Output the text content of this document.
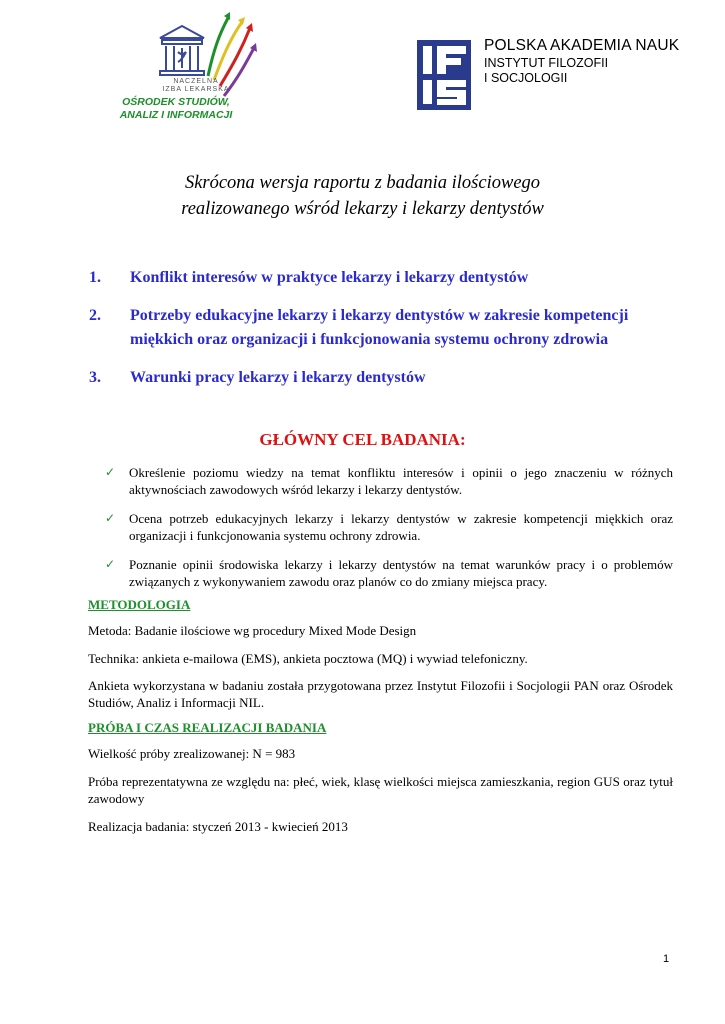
NACZELNA
IZBA LEKARSKA
OŚRODEK STUDIÓW,
ANALIZ I INFORMACJI
POLSKA AKADEMIA NAUK
INSTYTUT FILOZOFII
I SOCJOLOGII
Skrócona wersja raportu z badania ilościowego
realizowanego wśród lekarzy i lekarzy dentystów
1. Konflikt interesów w praktyce lekarzy i lekarzy dentystów
2. Potrzeby edukacyjne lekarzy i lekarzy dentystów w zakresie kompetencji miękkich oraz organizacji i funkcjonowania systemu ochrony zdrowia
3. Warunki pracy lekarzy i lekarzy dentystów
GŁÓWNY CEL BADANIA:
✓ Określenie poziomu wiedzy na temat konfliktu interesów i opinii o jego znaczeniu w różnych aktywnościach zawodowych wśród lekarzy i lekarzy dentystów.
✓ Ocena potrzeb edukacyjnych lekarzy i lekarzy dentystów w zakresie kompetencji miękkich oraz organizacji i funkcjonowania systemu ochrony zdrowia.
✓ Poznanie opinii środowiska lekarzy i lekarzy dentystów na temat warunków pracy i o problemów związanych z wykonywaniem zawodu oraz planów co do zmiany miejsca pracy.
METODOLOGIA
Metoda: Badanie ilościowe wg procedury Mixed Mode Design
Technika: ankieta e-mailowa (EMS), ankieta pocztowa (MQ) i wywiad telefoniczny.
Ankieta wykorzystana w badaniu została przygotowana przez Instytut Filozofii i Socjologii PAN oraz Ośrodek Studiów, Analiz i Informacji NIL.
PRÓBA I CZAS REALIZACJI BADANIA
Wielkość próby zrealizowanej: N = 983
Próba reprezentatywna ze względu na: płeć, wiek, klasę wielkości miejsca zamieszkania, region GUS oraz tytuł zawodowy
Realizacja badania: styczeń 2013 - kwiecień 2013
1
